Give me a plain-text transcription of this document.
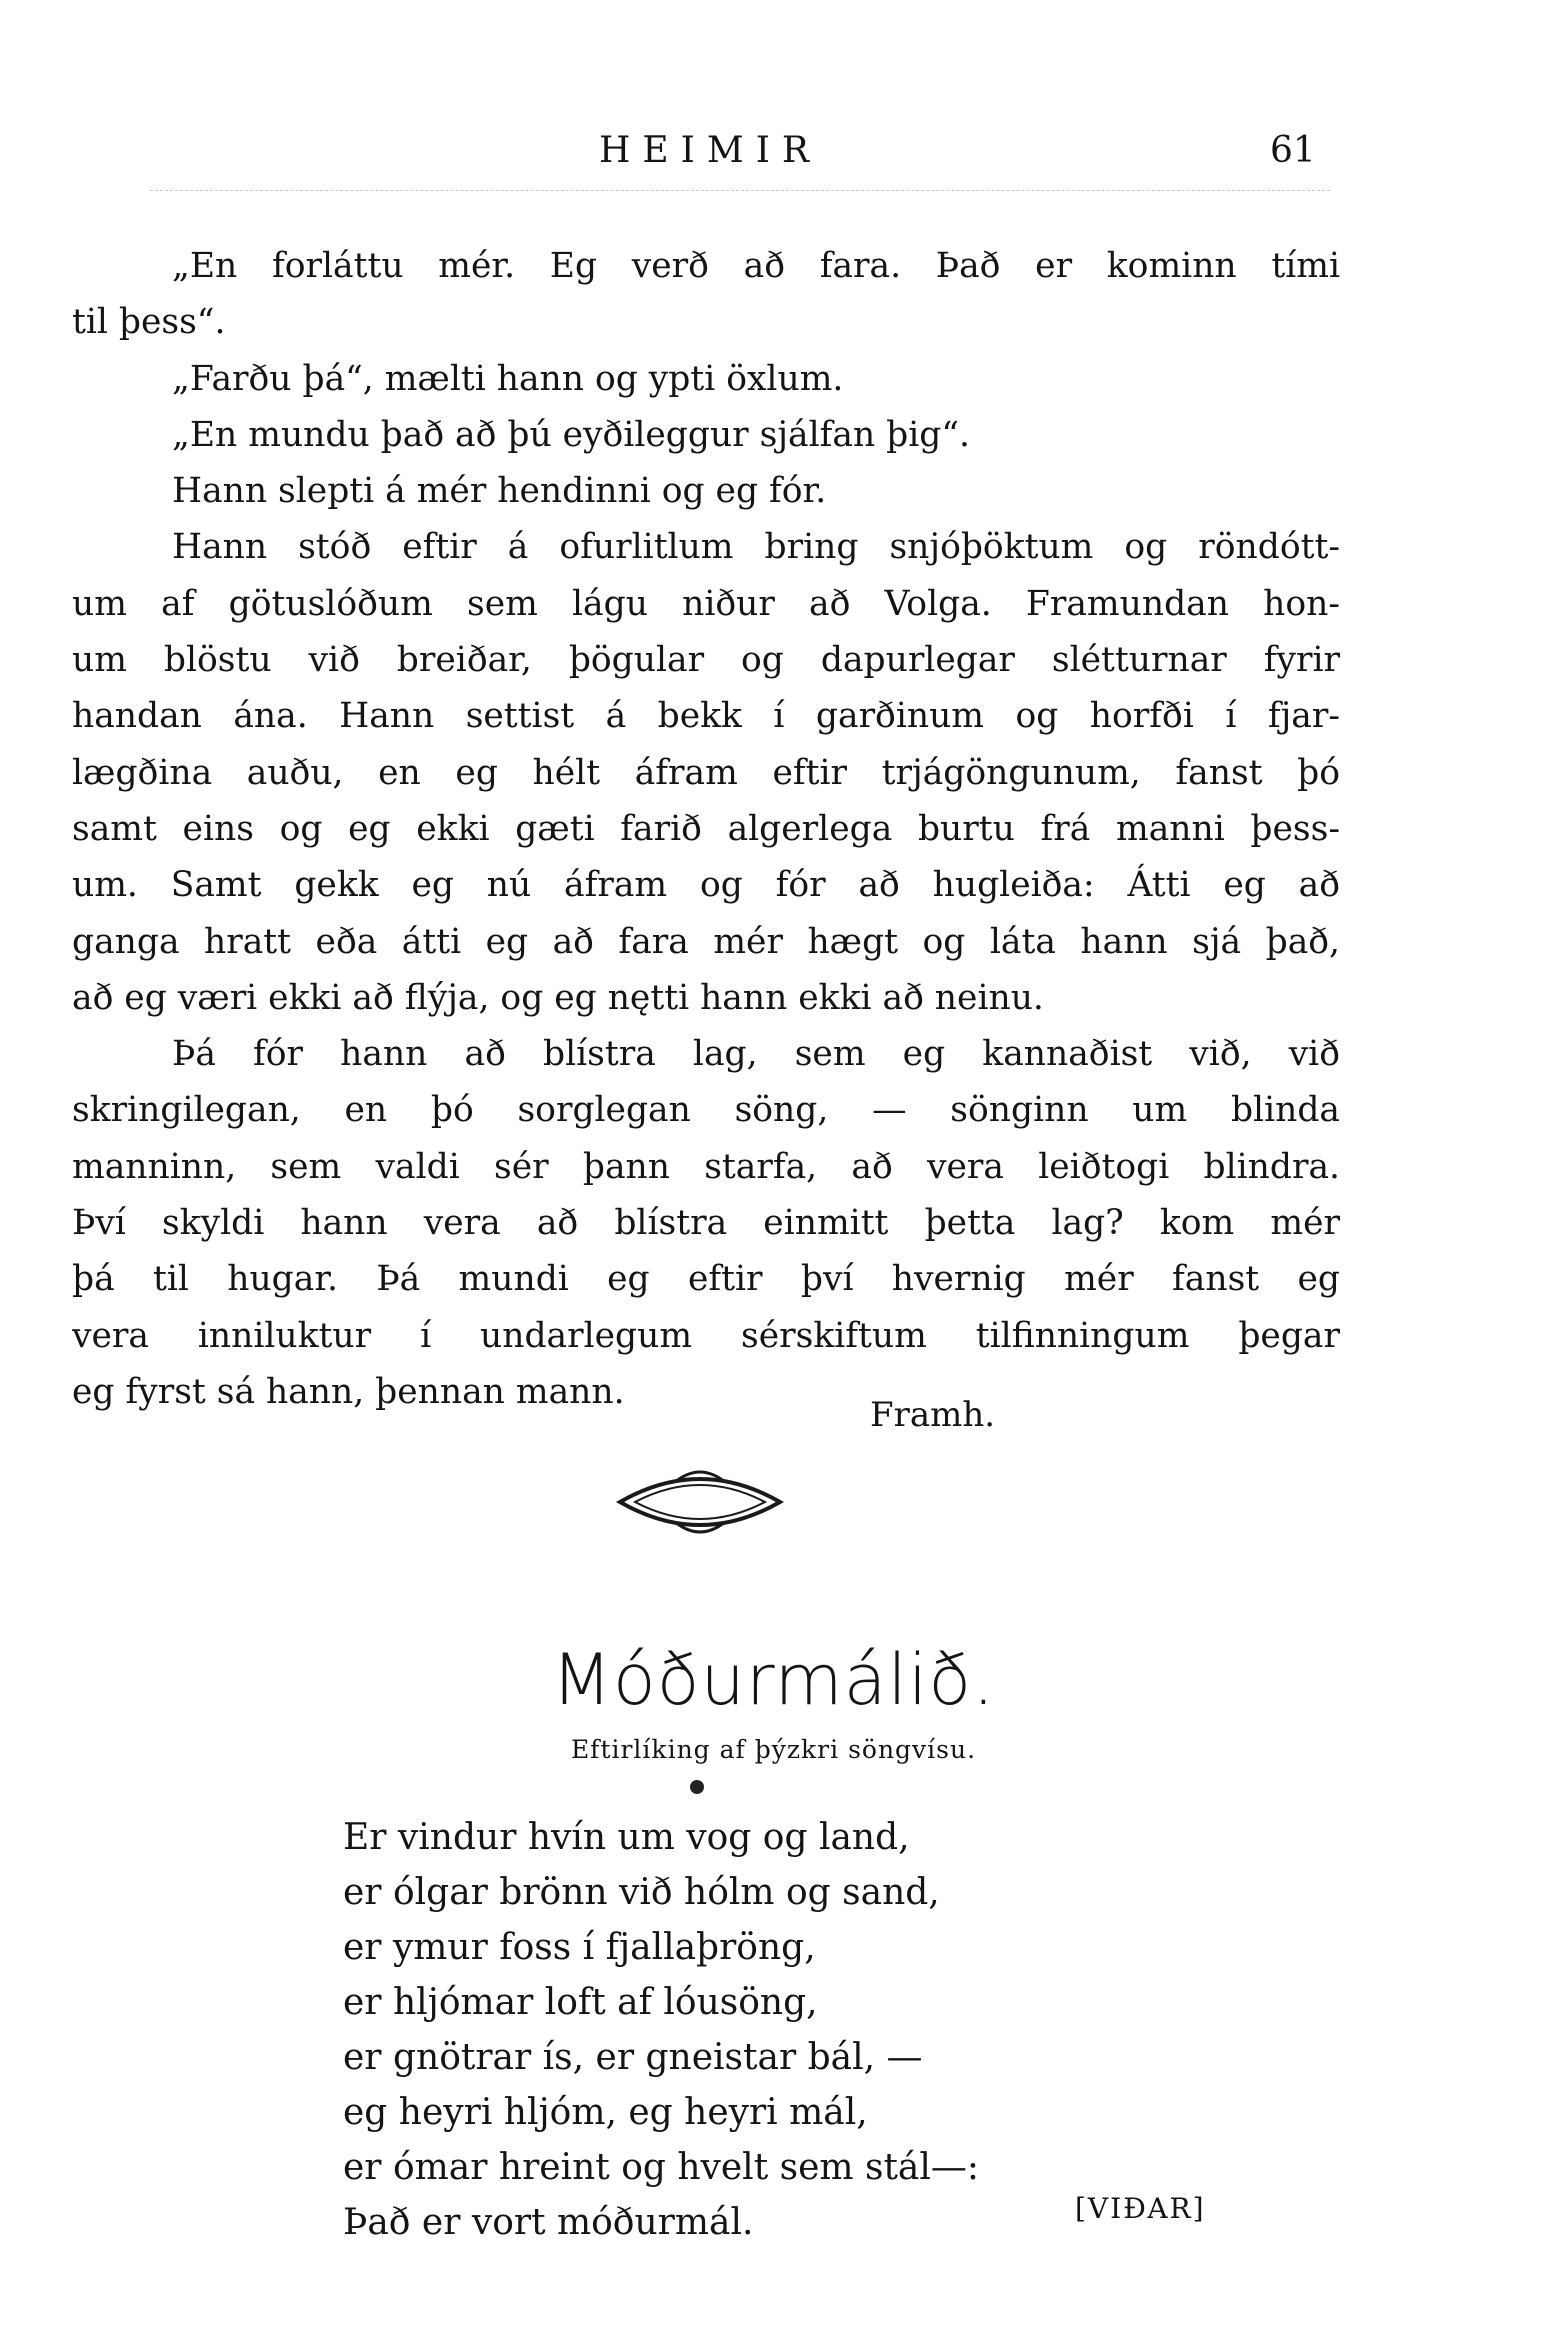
HEIMIR	61
„En forláttu mér. Eg verð að fara. Það er kominn tími
til þess“.
„Farðu þá“, mælti hann og ypti öxlum.
„En mundu það að þú eyðileggur sjálfan þig“.
Hann slepti á mér hendinni og eg fór.
Hann stóð eftir á ofurlitlum bring snjóþöktum og röndótt-
um af götuslóðum sem lágu niður að Volga. Framundan hon-
um blöstu við breiðar, þögular og dapurlegar slétturnar fyrir
handan ána. Hann settist á bekk í garðinum og horfði í fjar-
lægðina auðu, en eg hélt áfram eftir trjágöngunum, fanst þó
samt eins og eg ekki gæti farið algerlega burtu frá manni þess-
um. Samt gekk eg nú áfram og fór að hugleiða: Átti eg að
ganga hratt eða átti eg að fara mér hægt og láta hann sjá það,
að eg væri ekki að flýja, og eg nętti hann ekki að neinu.
Þá fór hann að blístra lag, sem eg kannaðist við, við
skringilegan, en þó sorglegan söng, — sönginn um blinda
manninn, sem valdi sér þann starfa, að vera leiðtogi blindra.
Því skyldi hann vera að blístra einmitt þetta lag? kom mér
þá til hugar. Þá mundi eg eftir því hvernig mér fanst eg
vera inniluktur í undarlegum sérskiftum tilfinningum þegar
eg fyrst sá hann, þennan mann.
Framh.
Móðurmálið.
Eftirlíking af þýzkri söngvísu.
Er vindur hvín um vog og land,
er ólgar brönn við hólm og sand,
er ymur foss í fjallaþröng,
er hljómar loft af lóusöng,
er gnötrar ís, er gneistar bál, —
eg heyri hljóm, eg heyri mál,
er ómar hreint og hvelt sem stál—:
Það er vort móðurmál.	[VIÐAR]
